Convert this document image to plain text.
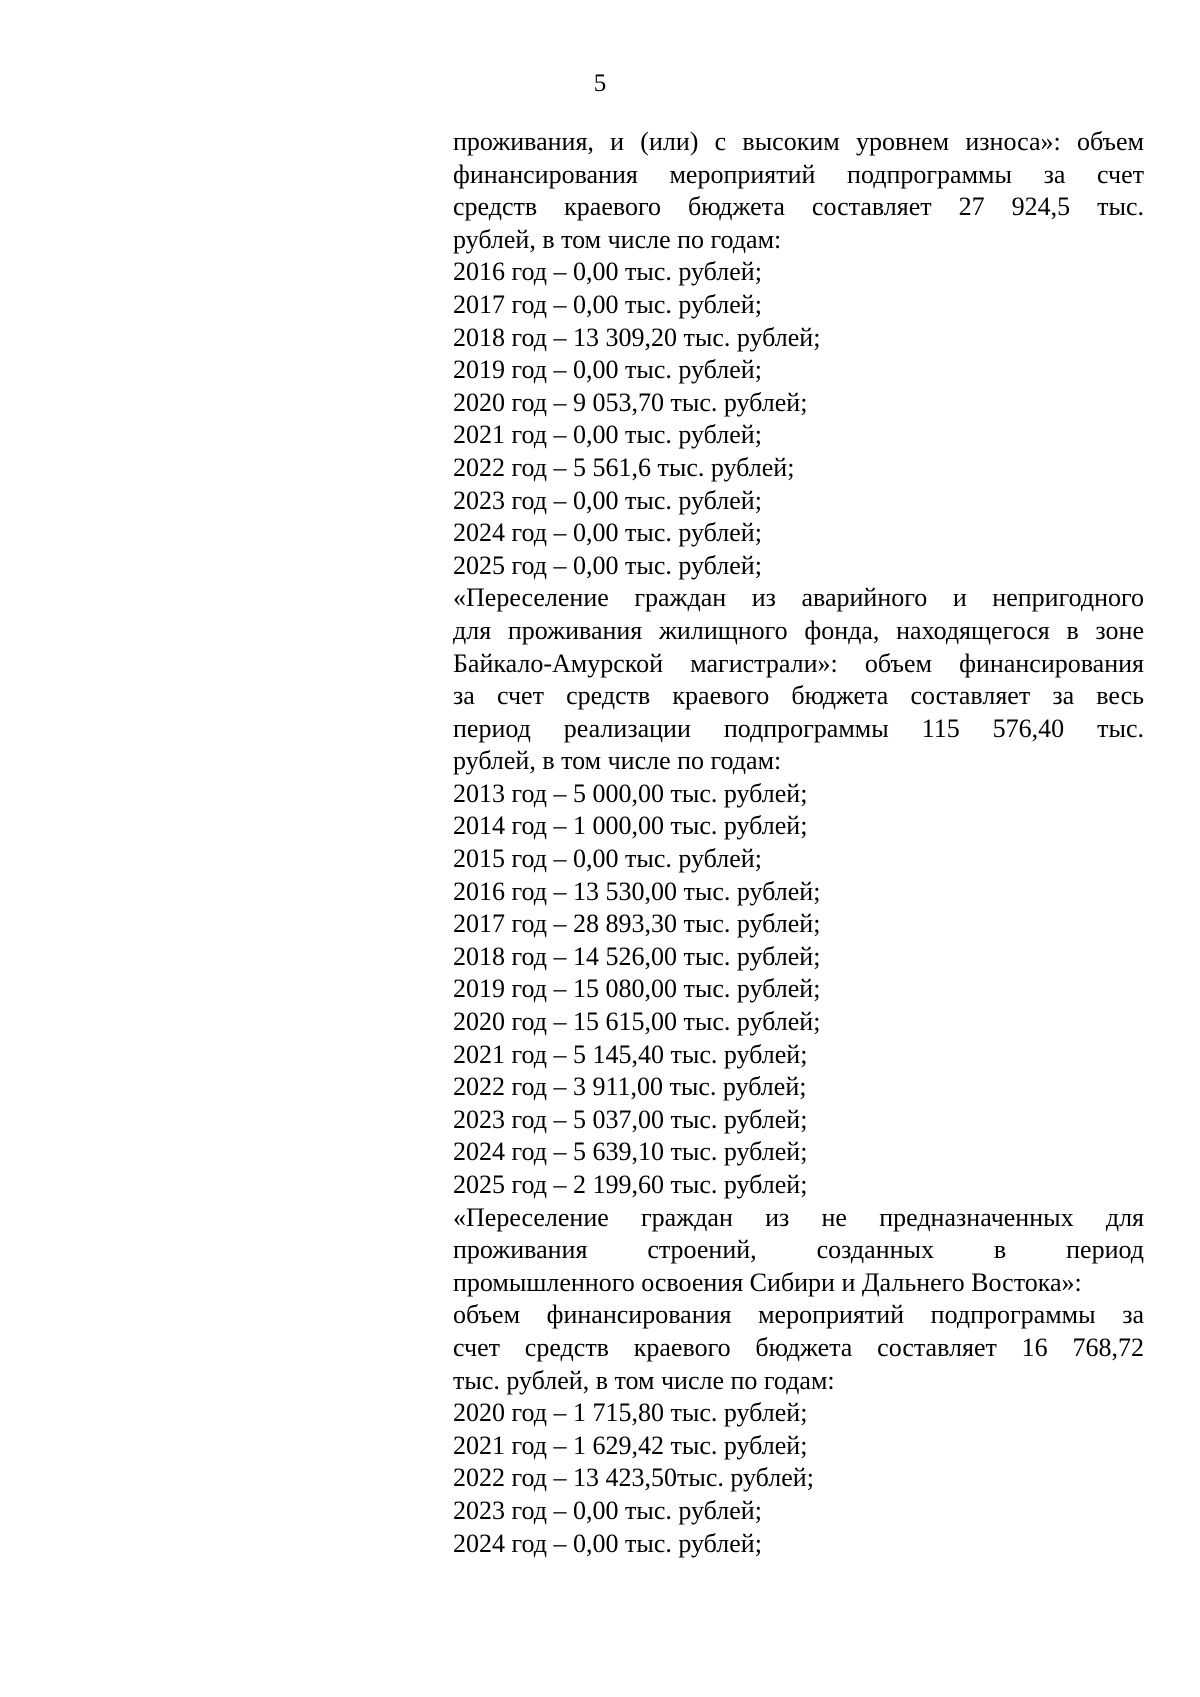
5
проживания, и (или) с высоким уровнем износа»: объем
финансирования мероприятий подпрограммы за счет
средств краевого бюджета составляет 27 924,5 тыс.
рублей, в том числе по годам:
2016 год – 0,00 тыс. рублей;
2017 год – 0,00 тыс. рублей;
2018 год – 13 309,20 тыс. рублей;
2019 год – 0,00 тыс. рублей;
2020 год – 9 053,70 тыс. рублей;
2021 год – 0,00 тыс. рублей;
2022 год – 5 561,6 тыс. рублей;
2023 год – 0,00 тыс. рублей;
2024 год – 0,00 тыс. рублей;
2025 год – 0,00 тыс. рублей;
«Переселение граждан из аварийного и непригодного
для проживания жилищного фонда, находящегося в зоне
Байкало-Амурской магистрали»: объем финансирования
за счет средств краевого бюджета составляет за весь
период реализации подпрограммы 115 576,40 тыс.
рублей, в том числе по годам:
2013 год – 5 000,00 тыс. рублей;
2014 год – 1 000,00 тыс. рублей;
2015 год – 0,00 тыс. рублей;
2016 год – 13 530,00 тыс. рублей;
2017 год – 28 893,30 тыс. рублей;
2018 год – 14 526,00 тыс. рублей;
2019 год – 15 080,00 тыс. рублей;
2020 год – 15 615,00 тыс. рублей;
2021 год – 5 145,40 тыс. рублей;
2022 год – 3 911,00 тыс. рублей;
2023 год – 5 037,00 тыс. рублей;
2024 год – 5 639,10 тыс. рублей;
2025 год – 2 199,60 тыс. рублей;
«Переселение граждан из не предназначенных для
проживания строений, созданных в период
промышленного освоения Сибири и Дальнего Востока»:
объем финансирования мероприятий подпрограммы за
счет средств краевого бюджета составляет 16 768,72
тыс. рублей, в том числе по годам:
2020 год – 1 715,80 тыс. рублей;
2021 год – 1 629,42 тыс. рублей;
2022 год – 13 423,50тыс. рублей;
2023 год – 0,00 тыс. рублей;
2024 год – 0,00 тыс. рублей;
